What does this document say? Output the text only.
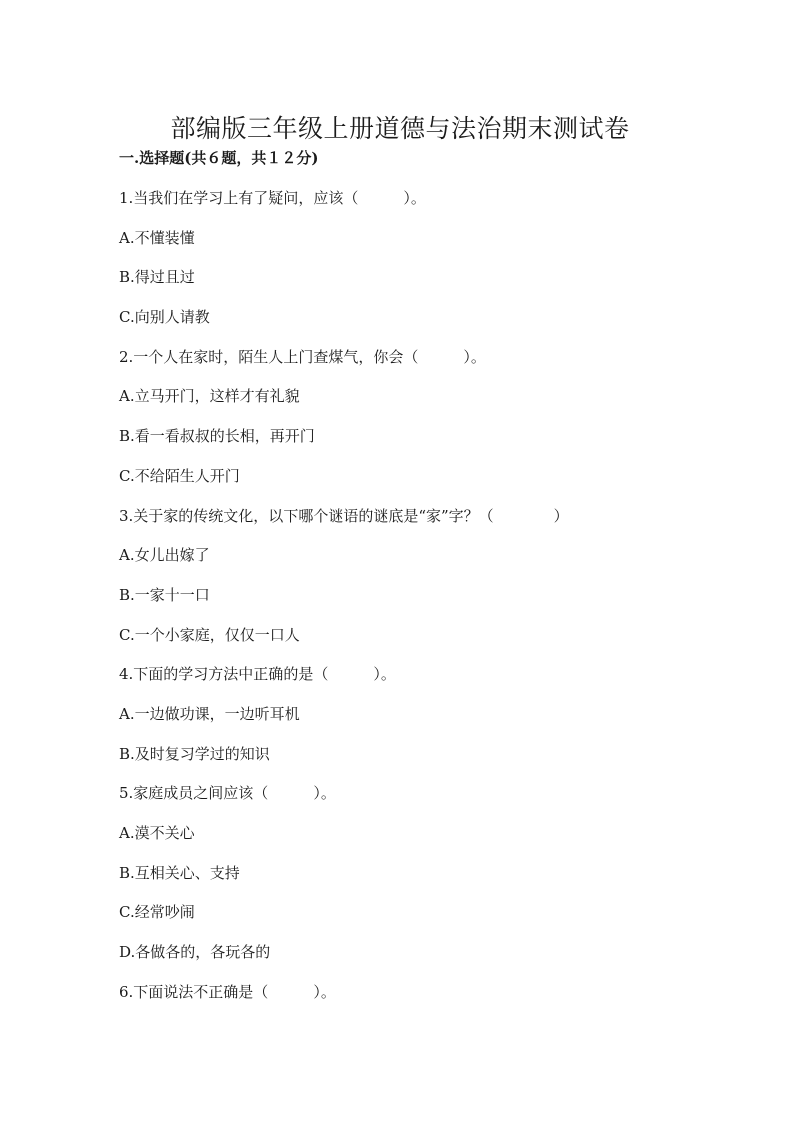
部编版三年级上册道德与法治期末测试卷
一.选择题(共６题，共１２分)
1.当我们在学习上有了疑问，应该（　　　）。
A.不懂装懂
B.得过且过
C.向别人请教
2.一个人在家时，陌生人上门查煤气，你会（　　　）。
A.立马开门，这样才有礼貌
B.看一看叔叔的长相，再开门
C.不给陌生人开门
3.关于家的传统文化，以下哪个谜语的谜底是“家”字？（　　　　）
A.女儿出嫁了
B.一家十一口
C.一个小家庭，仅仅一口人
4.下面的学习方法中正确的是（　　　）。
A.一边做功课，一边听耳机
B.及时复习学过的知识
5.家庭成员之间应该（　　　）。
A.漠不关心
B.互相关心、支持
C.经常吵闹
D.各做各的，各玩各的
6.下面说法不正确是（　　　）。
